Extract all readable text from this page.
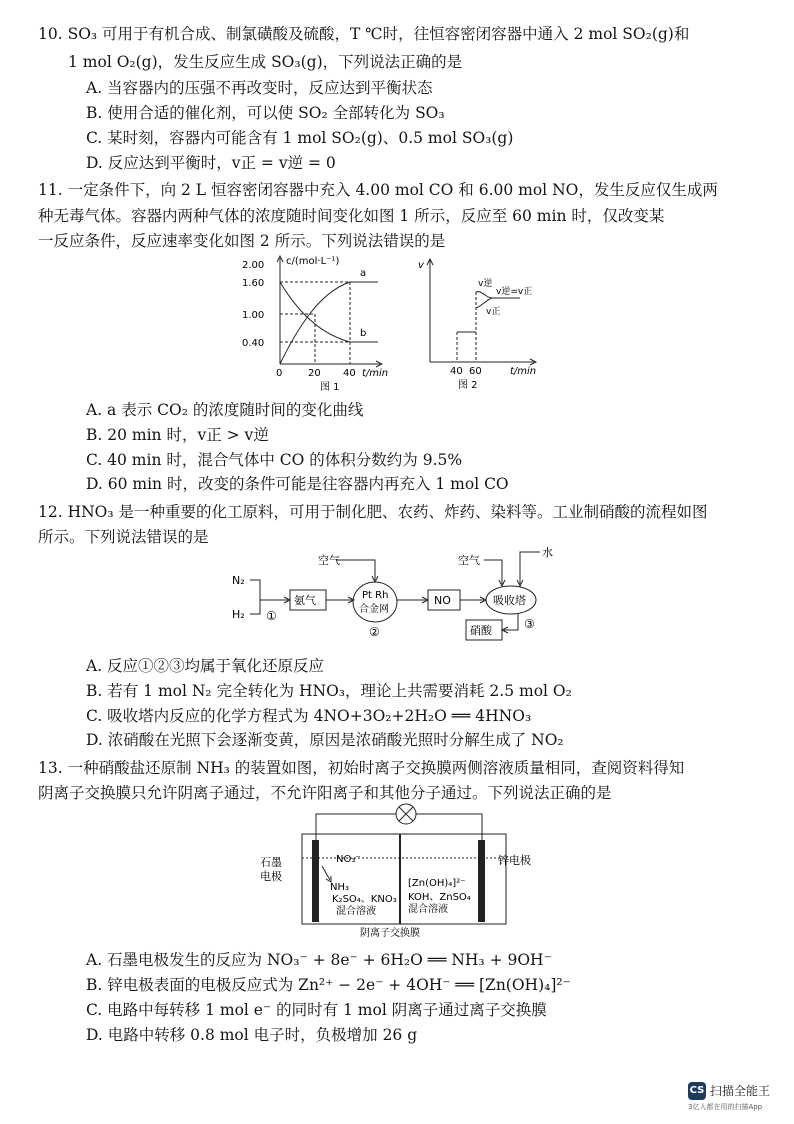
10. SO₃ 可用于有机合成、制氯磺酸及硫酸，T ℃时，往恒容密闭容器中通入 2 mol SO₂(g)和
1 mol O₂(g)，发生反应生成 SO₃(g)，下列说法正确的是
A. 当容器内的压强不再改变时，反应达到平衡状态
B. 使用合适的催化剂，可以使 SO₂ 全部转化为 SO₃
C. 某时刻，容器内可能含有 1 mol SO₂(g)、0.5 mol SO₃(g)
D. 反应达到平衡时，v正 = v逆 = 0
11. 一定条件下，向 2 L 恒容密闭容器中充入 4.00 mol CO 和 6.00 mol NO，发生反应仅生成两
种无毒气体。容器内两种气体的浓度随时间变化如图 1 所示，反应至 60 min 时，仅改变某
一反应条件，反应速率变化如图 2 所示。下列说法错误的是
2.00
1.60
1.00
0.40
c/(mol·L⁻¹)
a
b
0	20 40 t/min
图 1
v
v逆
v逆=v正
v正
40 60	t/min
图 2
A. a 表示 CO₂ 的浓度随时间的变化曲线
B. 20 min 时，v正 > v逆
C. 40 min 时，混合气体中 CO 的体积分数约为 9.5%
D. 60 min 时，改变的条件可能是往容器内再充入 1 mol CO
12. HNO₃ 是一种重要的化工原料，可用于制化肥、农药、炸药、染料等。工业制硝酸的流程如图
所示。下列说法错误的是
N₂
H₂ ①
氨气
空气
Pt Rh
合金网
②
NO
空气
水
吸收塔
③
硝酸
A. 反应①②③均属于氧化还原反应
B. 若有 1 mol N₂ 完全转化为 HNO₃，理论上共需要消耗 2.5 mol O₂
C. 吸收塔内反应的化学方程式为 4NO+3O₂+2H₂O ══ 4HNO₃
D. 浓硝酸在光照下会逐渐变黄，原因是浓硝酸光照时分解生成了 NO₂
13. 一种硝酸盐还原制 NH₃ 的装置如图，初始时离子交换膜两侧溶液质量相同，查阅资料得知
阴离子交换膜只允许阴离子通过，不允许阳离子和其他分子通过。下列说法正确的是
石墨
电极
NO₃⁻
NH₃
K₂SO₄、KNO₃
混合溶液
[Zn(OH)₄]²⁻
KOH、ZnSO₄
混合溶液
锌电极
阴离子交换膜
A. 石墨电极发生的反应为 NO₃⁻ + 8e⁻ + 6H₂O ══ NH₃ + 9OH⁻
B. 锌电极表面的电极反应式为 Zn²⁺ − 2e⁻ + 4OH⁻ ══ [Zn(OH)₄]²⁻
C. 电路中每转移 1 mol e⁻ 的同时有 1 mol 阴离子通过离子交换膜
D. 电路中转移 0.8 mol 电子时，负极增加 26 g
CS 扫描全能王
3亿人都在用的扫描App
